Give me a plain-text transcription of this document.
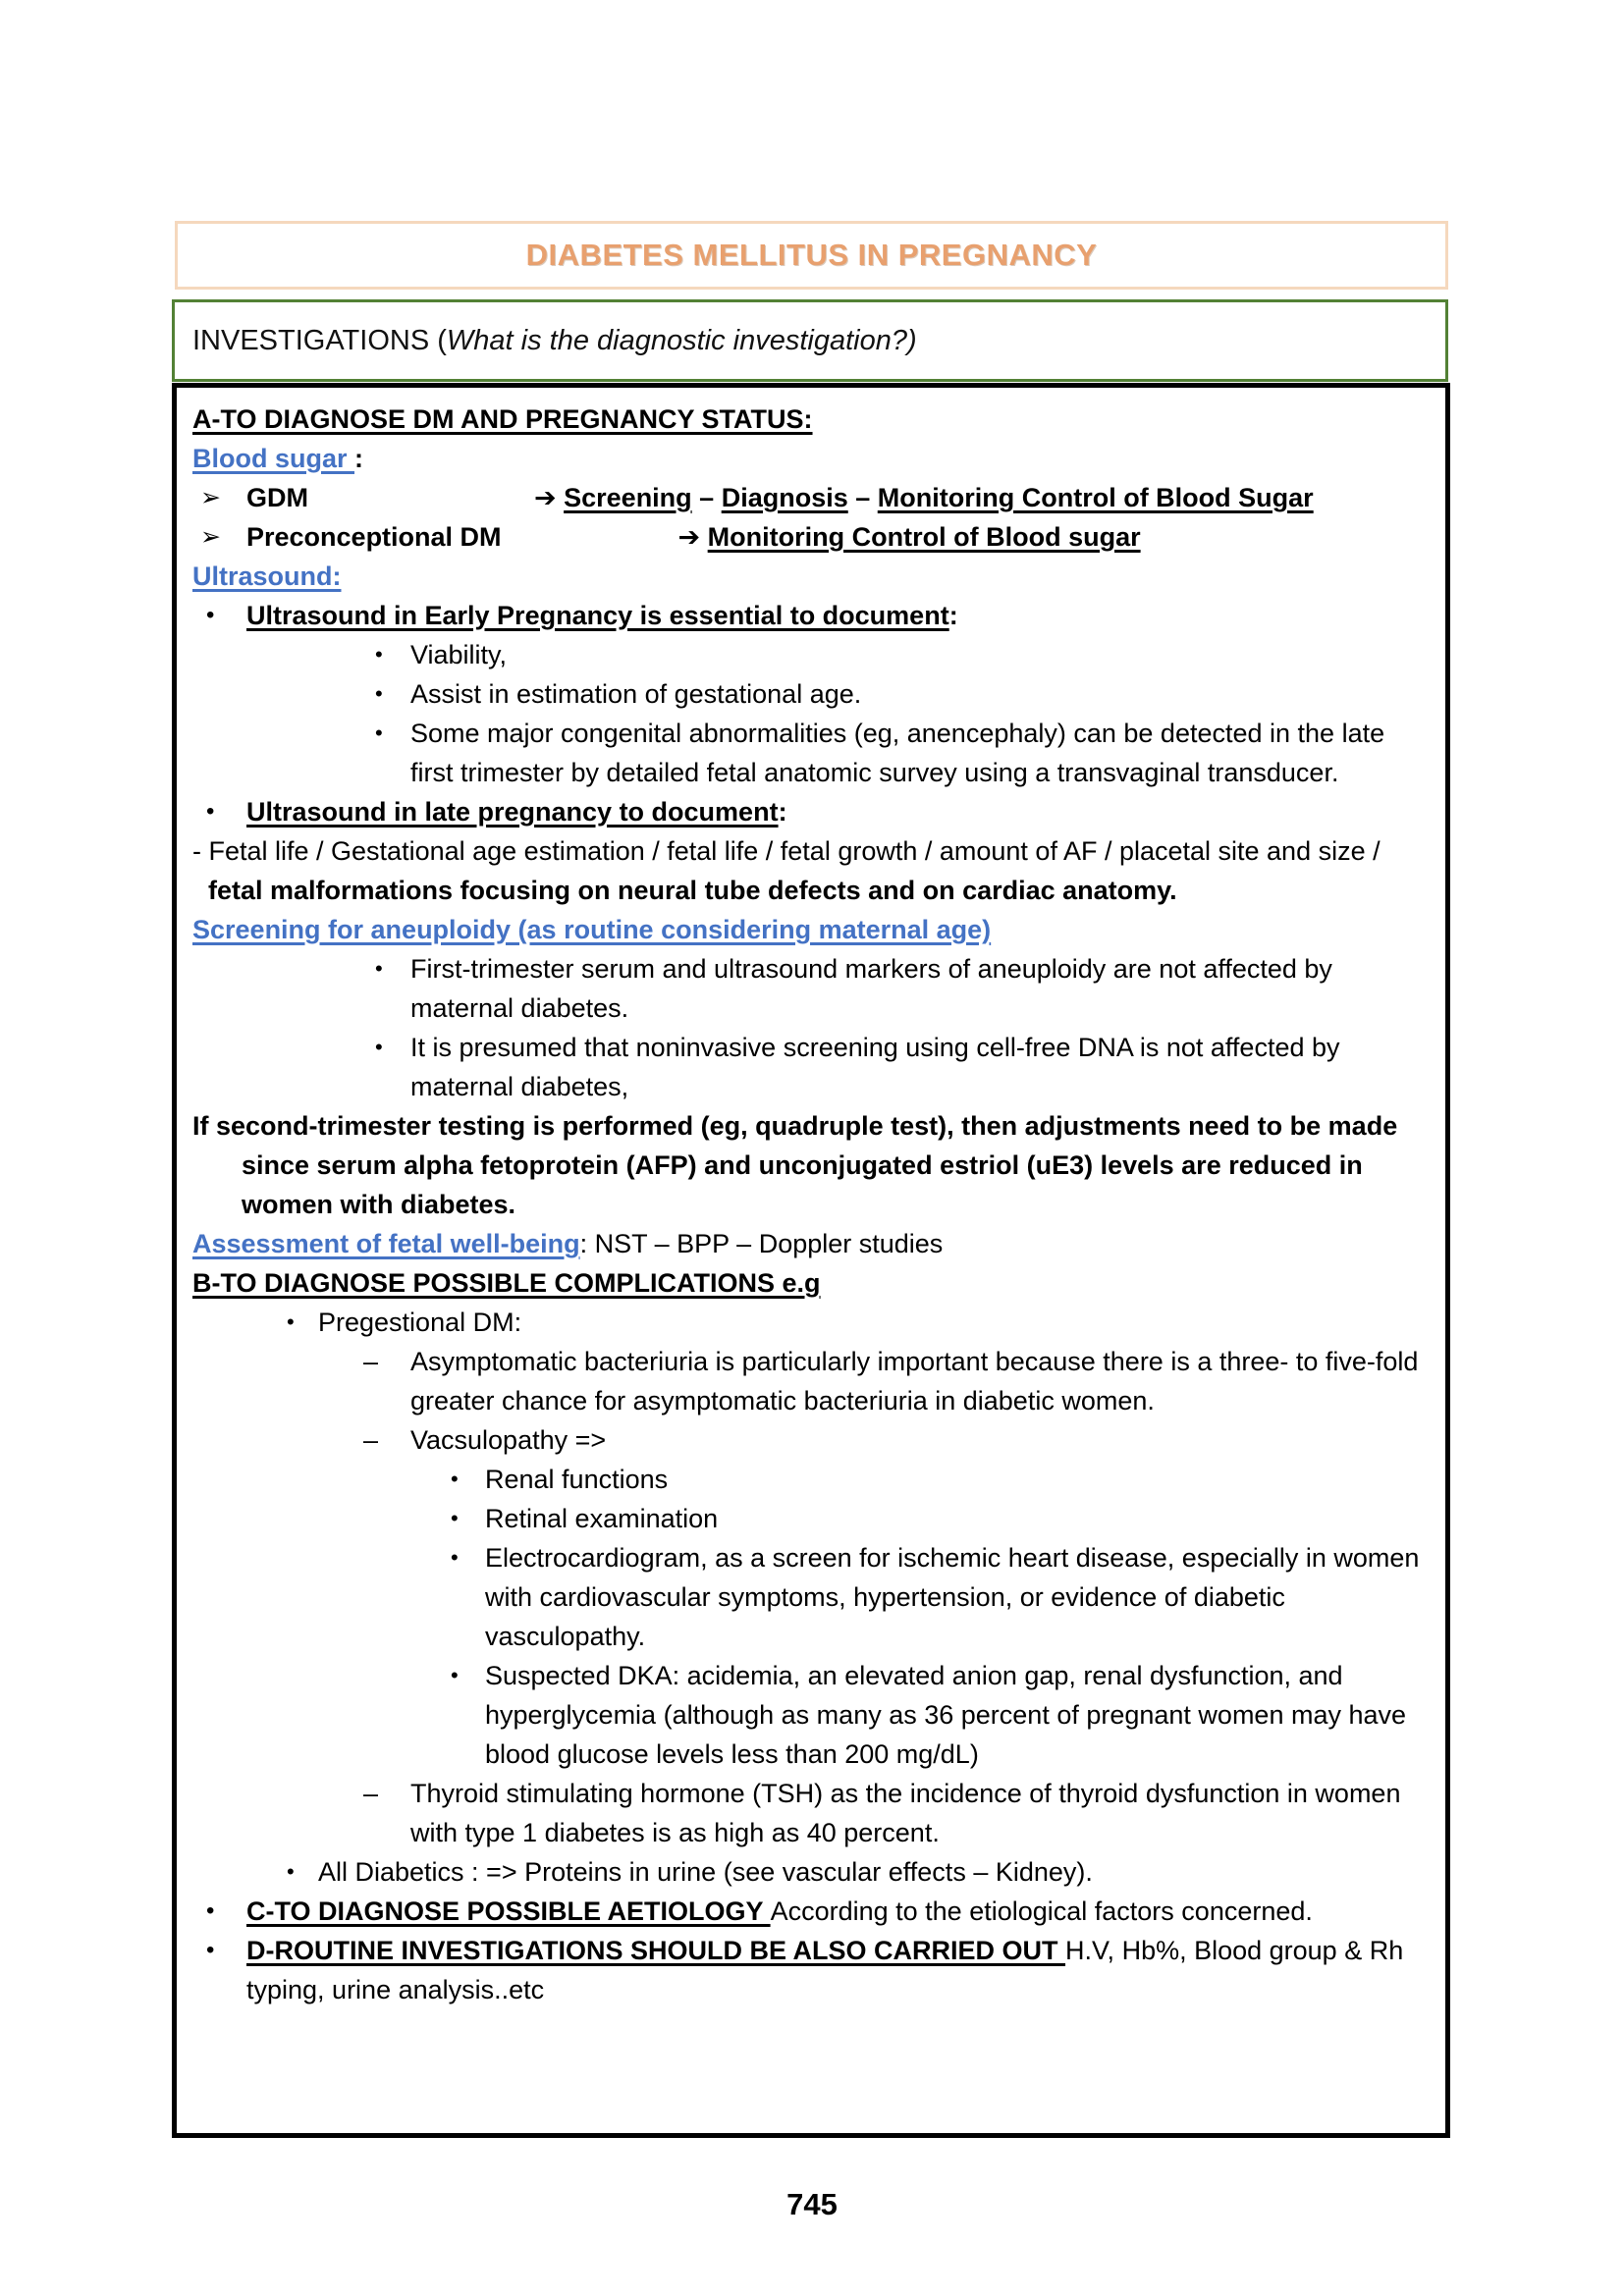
DIABETES MELLITUS IN PREGNANCY
INVESTIGATIONS (What is the diagnostic investigation?)
A-TO DIAGNOSE DM AND PREGNANCY STATUS:
Blood sugar :
➢ GDM	➔ Screening – Diagnosis – Monitoring Control of Blood Sugar
➢ Preconceptional DM	➔ Monitoring Control of Blood sugar
Ultrasound:
• Ultrasound in Early Pregnancy is essential to document:
• Viability,
• Assist in estimation of gestational age.
• Some major congenital abnormalities (eg, anencephaly) can be detected in the late first trimester by detailed fetal anatomic survey using a transvaginal transducer.
• Ultrasound in late pregnancy to document:
- Fetal life / Gestational age estimation / fetal life / fetal growth / amount of AF / placetal site and size / fetal malformations focusing on neural tube defects and on cardiac anatomy.
Screening for aneuploidy (as routine considering maternal age)
• First-trimester serum and ultrasound markers of aneuploidy are not affected by maternal diabetes.
• It is presumed that noninvasive screening using cell-free DNA is not affected by maternal diabetes,
If second-trimester testing is performed (eg, quadruple test), then adjustments need to be made since serum alpha fetoprotein (AFP) and unconjugated estriol (uE3) levels are reduced in women with diabetes.
Assessment of fetal well-being: NST – BPP – Doppler studies
B-TO DIAGNOSE POSSIBLE COMPLICATIONS e.g
• Pregestional DM:
– Asymptomatic bacteriuria is particularly important because there is a three- to five-fold greater chance for asymptomatic bacteriuria in diabetic women.
– Vacsulopathy =>
• Renal functions
• Retinal examination
• Electrocardiogram, as a screen for ischemic heart disease, especially in women with cardiovascular symptoms, hypertension, or evidence of diabetic vasculopathy.
• Suspected DKA: acidemia, an elevated anion gap, renal dysfunction, and hyperglycemia (although as many as 36 percent of pregnant women may have blood glucose levels less than 200 mg/dL)
– Thyroid stimulating hormone (TSH) as the incidence of thyroid dysfunction in women with type 1 diabetes is as high as 40 percent.
• All Diabetics : => Proteins in urine (see vascular effects – Kidney).
• C-TO DIAGNOSE POSSIBLE AETIOLOGY According to the etiological factors concerned.
• D-ROUTINE INVESTIGATIONS SHOULD BE ALSO CARRIED OUT H.V, Hb%, Blood group & Rh typing, urine analysis..etc
745
